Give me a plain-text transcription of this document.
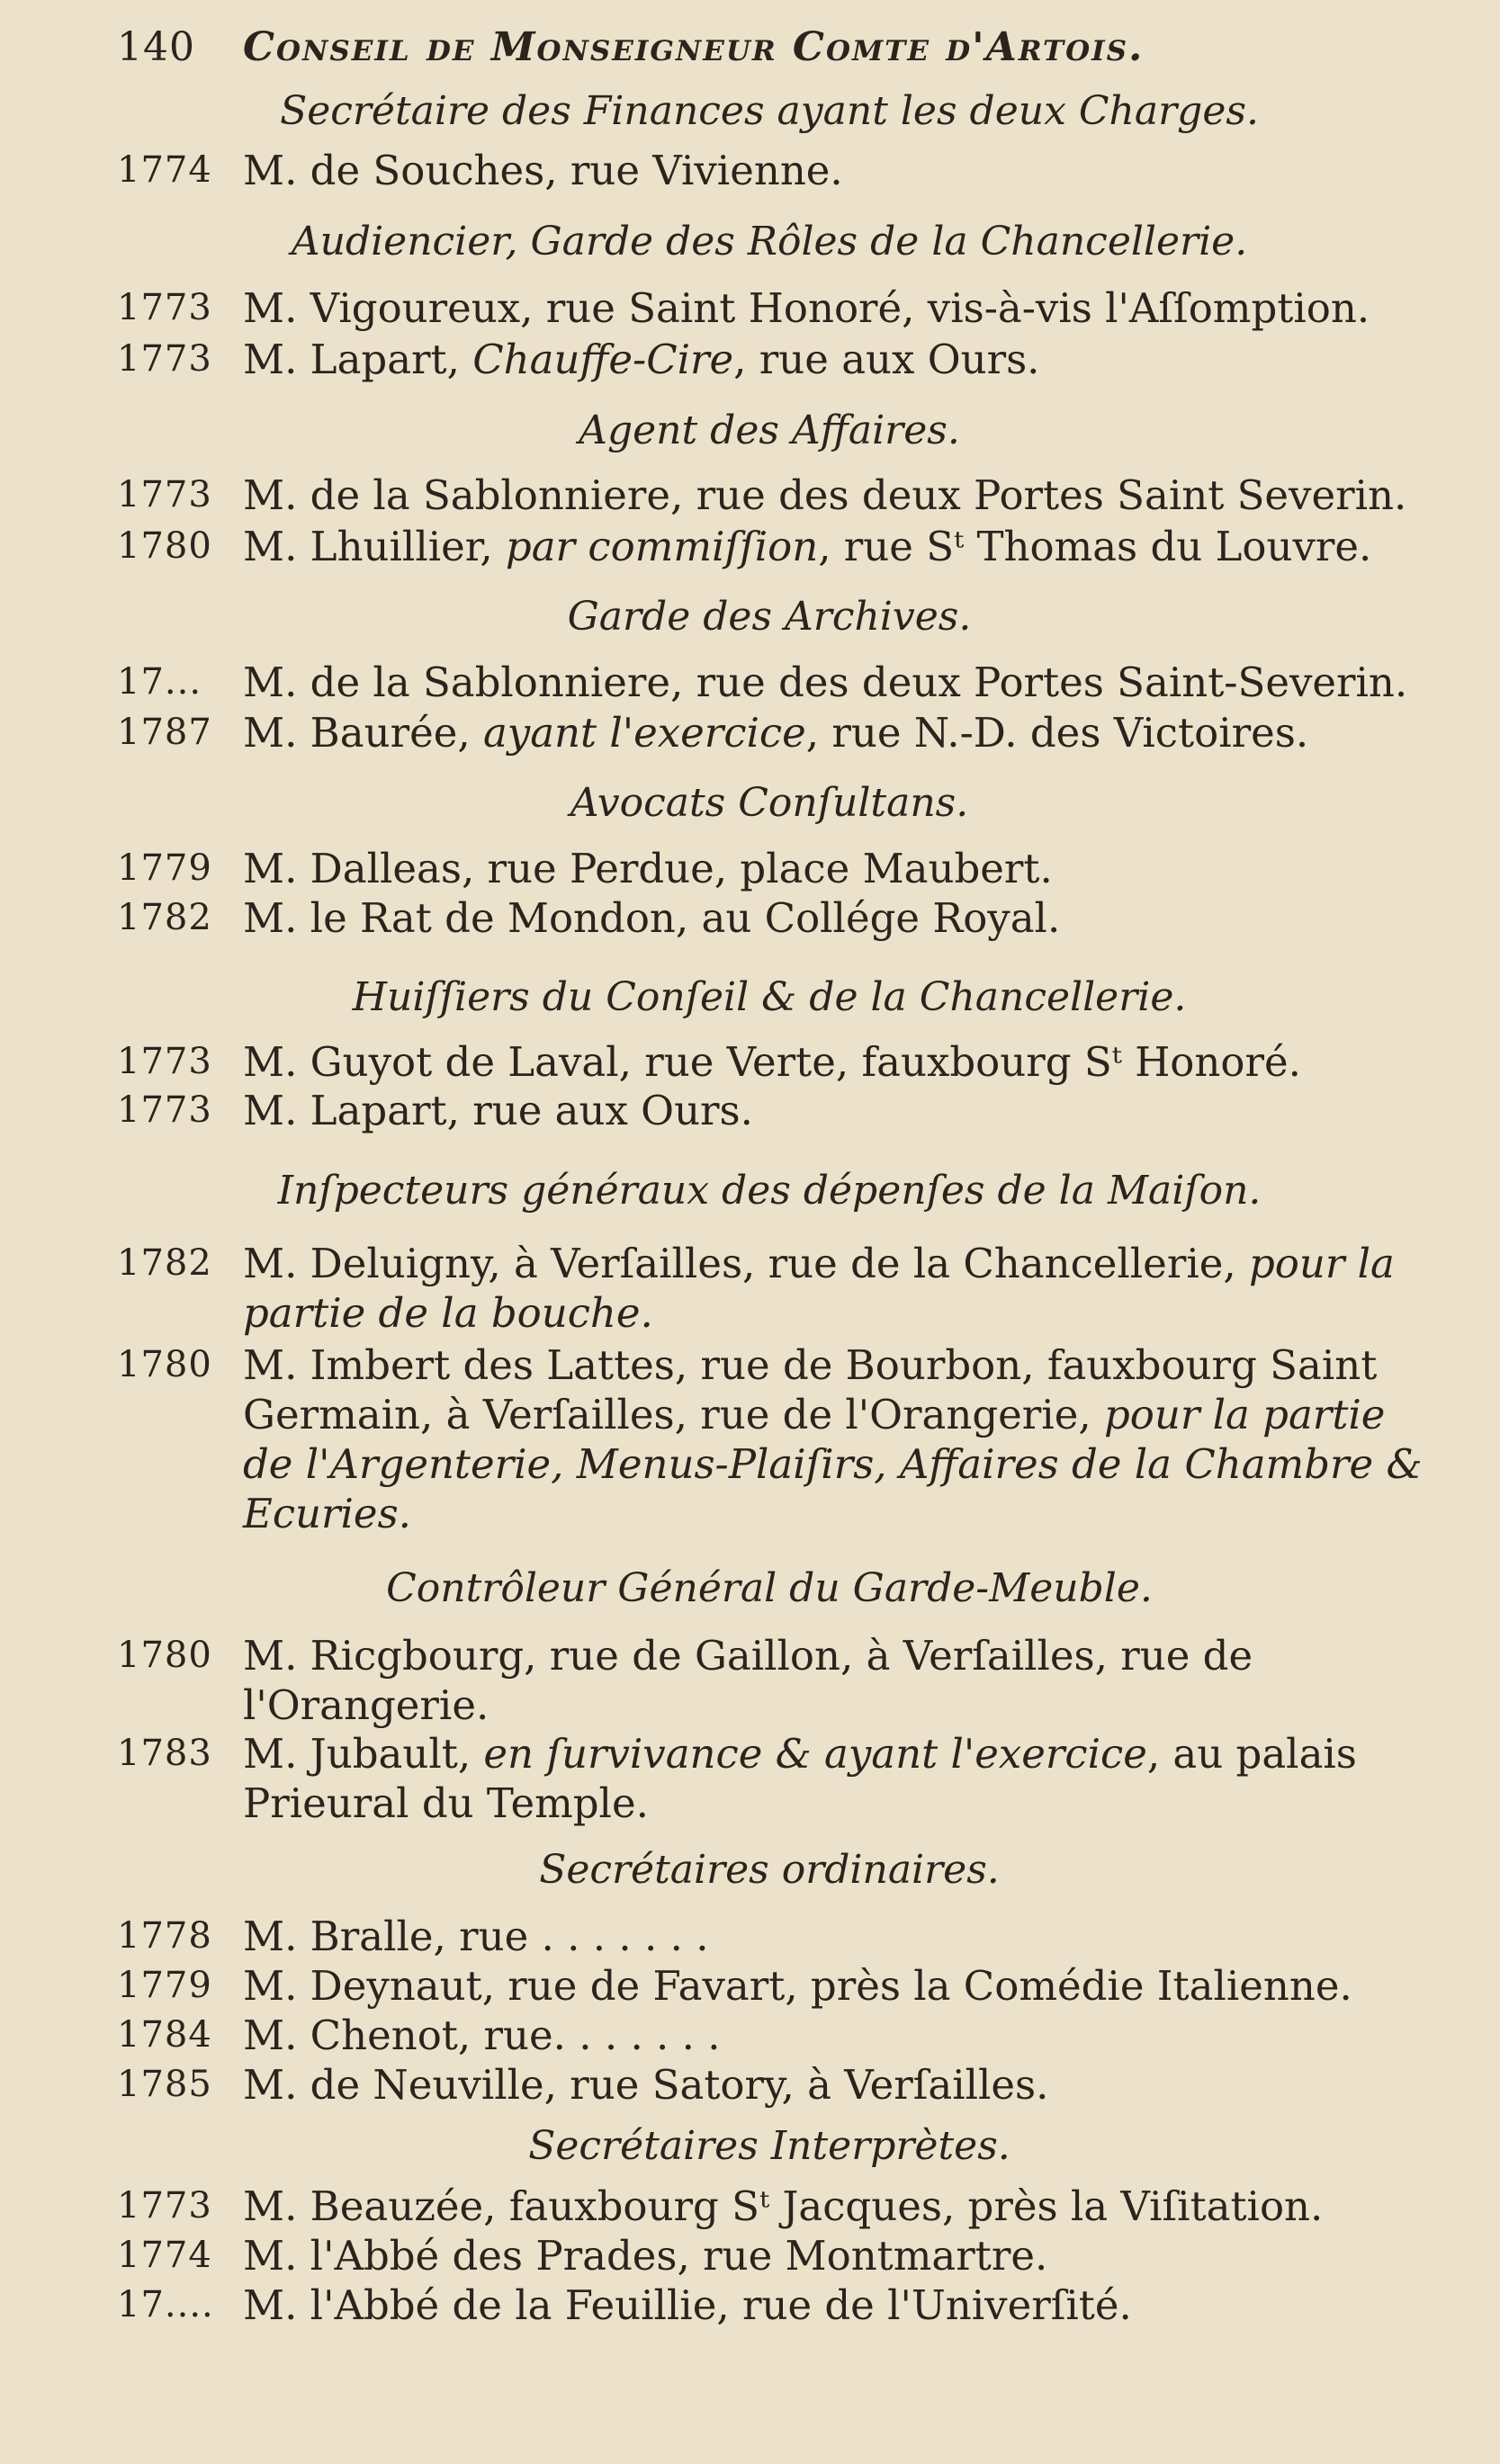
140 Conseil de Monseigneur Comte d'Artois.
Secrétaire des Finances ayant les deux Charges.
1774 M. de Souches, rue Vivienne.
Audiencier, Garde des Rôles de la Chancellerie.
1773 M. Vigoureux, rue Saint Honoré, vis-à-vis l'Aſſomption.
1773 M. Lapart, Chauffe-Cire, rue aux Ours.
Agent des Affaires.
1773 M. de la Sablonniere, rue des deux Portes Saint Severin.
1780 M. Lhuillier, par commiſſion, rue Sᵗ Thomas du Louvre.
Garde des Archives.
17...	M. de la Sablonniere, rue des deux Portes Saint-Severin.
1787 M. Baurée, ayant l'exercice, rue N.-D. des Victoires.
Avocats Conſultans.
1779 M. Dalleas, rue Perdue, place Maubert.
1782 M. le Rat de Mondon, au Collége Royal.
Huiſſiers du Conſeil & de la Chancellerie.
1773 M. Guyot de Laval, rue Verte, fauxbourg Sᵗ Honoré.
1773 M. Lapart, rue aux Ours.
Inſpecteurs généraux des dépenſes de la Maiſon.
1782 M. Deluigny, à Verſailles, rue de la Chancellerie, pour la partie de la bouche.
1780 M. Imbert des Lattes, rue de Bourbon, fauxbourg Saint Germain, à Verſailles, rue de l'Orangerie, pour la partie de l'Argenterie, Menus-Plaiſirs, Affaires de la Chambre & Ecuries.
Contrôleur Général du Garde-Meuble.
1780 M. Ricgbourg, rue de Gaillon, à Verſailles, rue de l'Orangerie.
1783 M. Jubault, en ſurvivance & ayant l'exercice, au palais Prieural du Temple.
Secrétaires ordinaires.
1778 M. Bralle, rue . . . . . . .
1779 M. Deynaut, rue de Favart, près la Comédie Italienne.
1784 M. Chenot, rue. . . . . . .
1785 M. de Neuville, rue Satory, à Verſailles.
Secrétaires Interprètes.
1773 M. Beauzée, fauxbourg Sᵗ Jacques, près la Viſitation.
1774 M. l'Abbé des Prades, rue Montmartre.
17.... M. l'Abbé de la Feuillie, rue de l'Univerſité.
